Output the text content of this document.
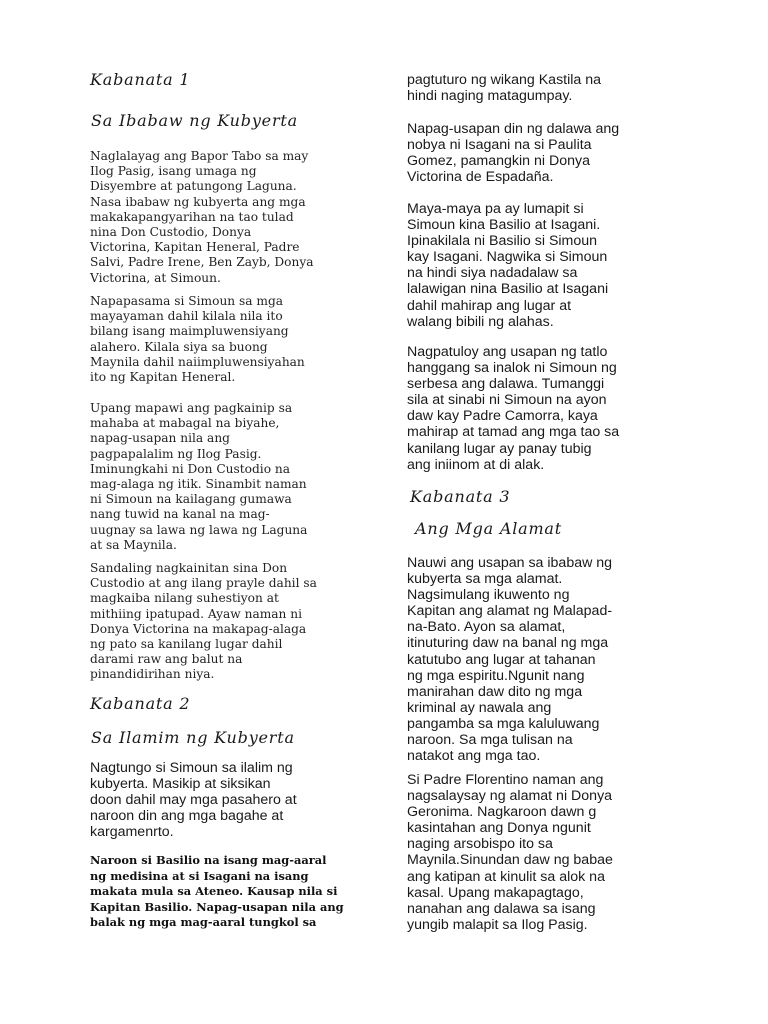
Kabanata 1
Sa Ibabaw ng Kubyerta

Naglalayag ang Bapor Tabo sa may
Ilog Pasig, isang umaga ng
Disyembre at patungong Laguna.
Nasa ibabaw ng kubyerta ang mga
makakapangyarihan na tao tulad
nina Don Custodio, Donya
Victorina, Kapitan Heneral, Padre
Salvi, Padre Irene, Ben Zayb, Donya
Victorina, at Simoun.

Napapasama si Simoun sa mga
mayayaman dahil kilala nila ito
bilang isang maimpluwensiyang
alahero. Kilala siya sa buong
Maynila dahil naiimpluwensiyahan
ito ng Kapitan Heneral.

Upang mapawi ang pagkainip sa
mahaba at mabagal na biyahe,
napag-usapan nila ang
pagpapalalim ng Ilog Pasig.
Iminungkahi ni Don Custodio na
mag-alaga ng itik. Sinambit naman
ni Simoun na kailagang gumawa
nang tuwid na kanal na mag-
uugnay sa lawa ng lawa ng Laguna
at sa Maynila.

Sandaling nagkainitan sina Don
Custodio at ang ilang prayle dahil sa
magkaiba nilang suhestiyon at
mithiing ipatupad. Ayaw naman ni
Donya Victorina na makapag-alaga
ng pato sa kanilang lugar dahil
darami raw ang balut na
pinandidirihan niya.

Kabanata 2
Sa Ilamim ng Kubyerta

Nagtungo si Simoun sa ilalim ng
kubyerta. Masikip at siksikan
doon dahil may mga pasahero at
naroon din ang mga bagahe at
kargamenrto.

Naroon si Basilio na isang mag-aaral
ng medisina at si Isagani na isang
makata mula sa Ateneo. Kausap nila si
Kapitan Basilio. Napag-usapan nila ang
balak ng mga mag-aaral tungkol sa

pagtuturo ng wikang Kastila na
hindi naging matagumpay.

Napag-usapan din ng dalawa ang
nobya ni Isagani na si Paulita
Gomez, pamangkin ni Donya
Victorina de Espadaña.

Maya-maya pa ay lumapit si
Simoun kina Basilio at Isagani.
Ipinakilala ni Basilio si Simoun
kay Isagani. Nagwika si Simoun
na hindi siya nadadalaw sa
lalawigan nina Basilio at Isagani
dahil mahirap ang lugar at
walang bibili ng alahas.

Nagpatuloy ang usapan ng tatlo
hanggang sa inalok ni Simoun ng
serbesa ang dalawa. Tumanggi
sila at sinabi ni Simoun na ayon
daw kay Padre Camorra, kaya
mahirap at tamad ang mga tao sa
kanilang lugar ay panay tubig
ang iniinom at di alak.

Kabanata 3
Ang Mga Alamat

Nauwi ang usapan sa ibabaw ng
kubyerta sa mga alamat.
Nagsimulang ikuwento ng
Kapitan ang alamat ng Malapad-
na-Bato. Ayon sa alamat,
itinuturing daw na banal ng mga
katutubo ang lugar at tahanan
ng mga espiritu.Ngunit nang
manirahan daw dito ng mga
kriminal ay nawala ang
pangamba sa mga kaluluwang
naroon. Sa mga tulisan na
natakot ang mga tao.

Si Padre Florentino naman ang
nagsalaysay ng alamat ni Donya
Geronima. Nagkaroon dawn g
kasintahan ang Donya ngunit
naging arsobispo ito sa
Maynila.Sinundan daw ng babae
ang katipan at kinulit sa alok na
kasal. Upang makapagtago,
nanahan ang dalawa sa isang
yungib malapit sa Ilog Pasig.
